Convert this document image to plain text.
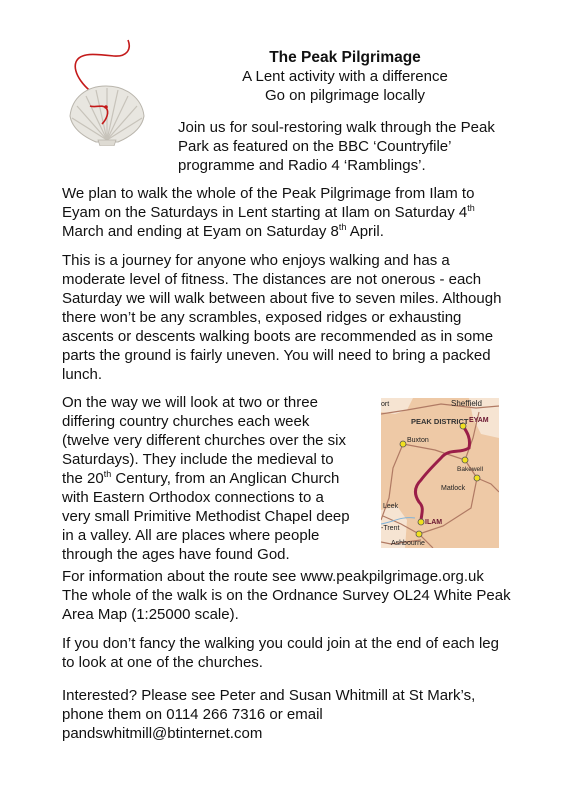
The Peak Pilgrimage
A Lent activity with a difference
Go on pilgrimage locally
Join us for soul-restoring walk through the Peak Park as featured on the BBC ‘Countryfile’ programme and Radio 4 ‘Ramblings’.
We plan to walk the whole of the Peak Pilgrimage from Ilam to Eyam on the Saturdays in Lent starting at Ilam on Saturday 4th March and ending at Eyam on Saturday 8th April.
This is a journey for anyone who enjoys walking and has a moderate level of fitness. The distances are not onerous - each Saturday we will walk between about five to seven miles. Although there won’t be any scrambles, exposed ridges or exhausting ascents or descents walking boots are recommended as in some parts the ground is fairly uneven. You will need to bring a packed lunch.
On the way we will look at two or three differing country churches each week (twelve very different churches over the six Saturdays). They include the medieval to the 20th Century, from an Anglican Church with Eastern Orthodox connections to a very small Primitive Methodist Chapel deep in a valley. All are places where people through the ages have found God.
ort	Sheffield
PEAK DISTRICT EYAM
Buxton
Bakewell
Matlock
Leek
ILAM
-Trent
Ashbourne

For information about the route see www.peakpilgrimage.org.uk

The whole of the walk is on the Ordnance Survey OL24 White Peak Area Map (1:25000 scale).

If you don’t fancy the walking you could join at the end of each leg to look at one of the churches.
Interested? Please see Peter and Susan Whitmill at St Mark’s, phone them on 0114 266 7316 or email pandswhitmill@btinternet.com
